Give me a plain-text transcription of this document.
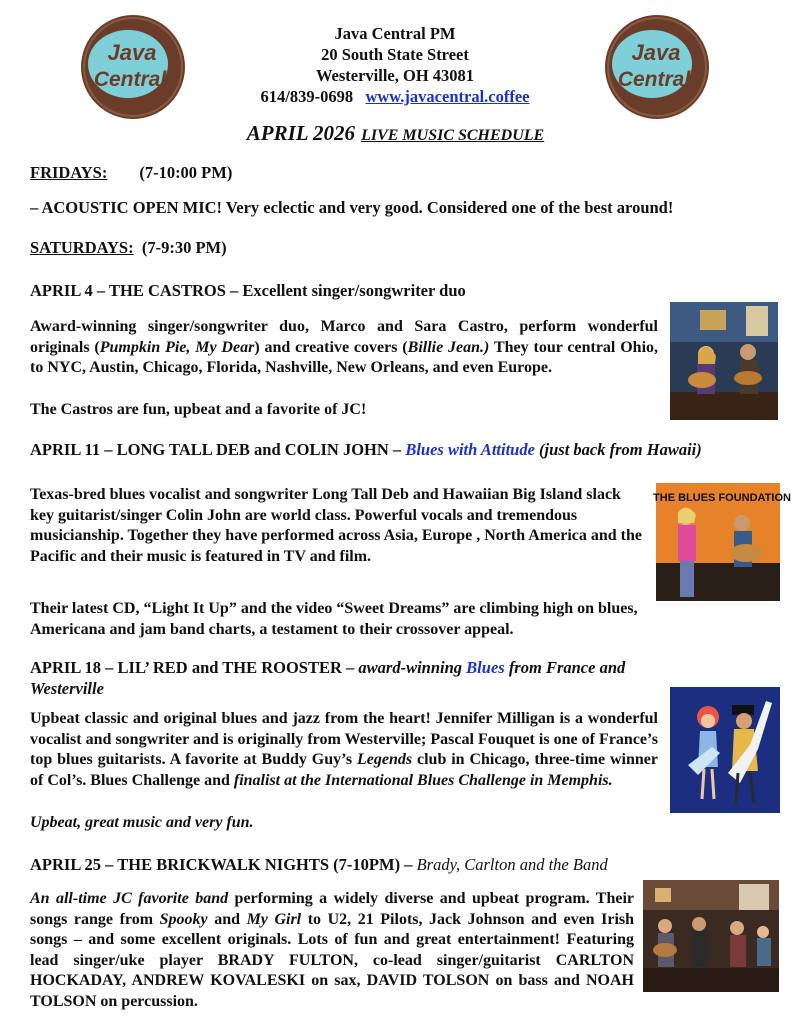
Java
Central
Java
Central
Java Central PM
20 South State Street
Westerville, OH 43081
614/839-0698 www.javacentral.coffee
APRIL 2026 LIVE MUSIC SCHEDULE
FRIDAYS: (7-10:00 PM)
– ACOUSTIC OPEN MIC! Very eclectic and very good. Considered one of the best around!
SATURDAYS: (7-9:30 PM)
APRIL 4 – THE CASTROS – Excellent singer/songwriter duo
Award-winning singer/songwriter duo, Marco and Sara Castro, perform wonderful originals (Pumpkin Pie, My Dear) and creative covers (Billie Jean.) They tour central Ohio, to NYC, Austin, Chicago, Florida, Nashville, New Orleans, and even Europe.
The Castros are fun, upbeat and a favorite of JC!
APRIL 11 – LONG TALL DEB and COLIN JOHN – Blues with Attitude (just back from Hawaii)
Texas-bred blues vocalist and songwriter Long Tall Deb and Hawaiian Big Island slack key guitarist/singer Colin John are world class. Powerful vocals and tremendous musicianship. Together they have performed across Asia, Europe , North America and the Pacific and their music is featured in TV and film.
Their latest CD, “Light It Up” and the video “Sweet Dreams” are climbing high on blues, Americana and jam band charts, a testament to their crossover appeal.
THE BLUES FOUNDATION
APRIL 18 – LIL’ RED and THE ROOSTER – award-winning Blues from France and Westerville
Upbeat classic and original blues and jazz from the heart! Jennifer Milligan is a wonderful vocalist and songwriter and is originally from Westerville; Pascal Fouquet is one of France’s top blues guitarists. A favorite at Buddy Guy’s Legends club in Chicago, three-time winner of Col’s. Blues Challenge and finalist at the International Blues Challenge in Memphis.
Upbeat, great music and very fun.
APRIL 25 – THE BRICKWALK NIGHTS (7-10PM) – Brady, Carlton and the Band
An all-time JC favorite band performing a widely diverse and upbeat program. Their songs range from Spooky and My Girl to U2, 21 Pilots, Jack Johnson and even Irish songs – and some excellent originals. Lots of fun and great entertainment! Featuring lead singer/uke player BRADY FULTON, co-lead singer/guitarist CARLTON HOCKADAY, ANDREW KOVALESKI on sax, DAVID TOLSON on bass and NOAH TOLSON on percussion.
